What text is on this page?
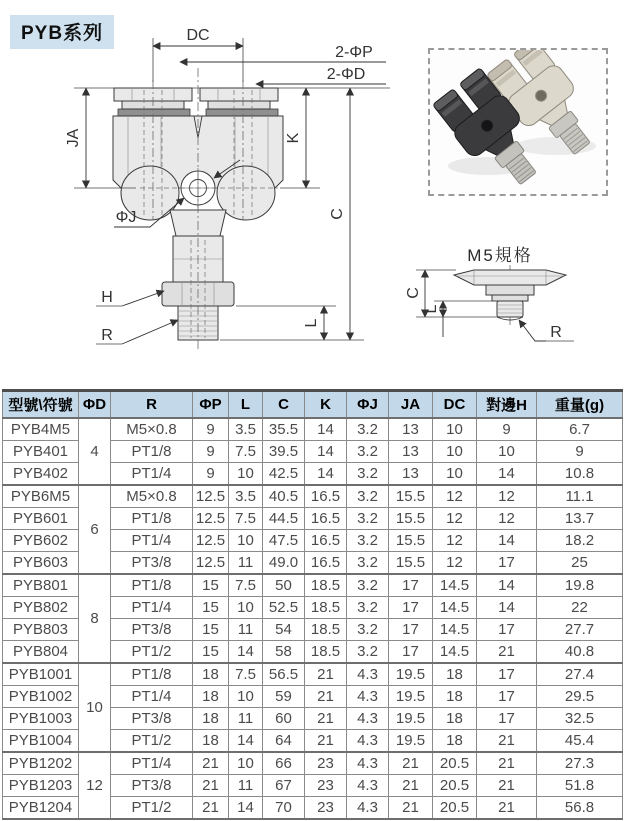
PYB系列	DC
2-ΦP
2-ΦD
JA	K
C
L
ΦJ
H
R
M5規格
C
L
R
型號\符號	ΦD	R	ΦP	L	C	K	ΦJ	JA	DC	對邊H	重量(g)
PYB4M5	4	M5×0.8	9	3.5	35.5	14	3.2	13	10	9	6.7
PYB401		PT1/8	9	7.5	39.5	14	3.2	13	10	10	9
PYB402		PT1/4	9	10	42.5	14	3.2	13	10	14	10.8
PYB6M5	6	M5×0.8	12.5	3.5	40.5	16.5	3.2	15.5	12	12	11.1
PYB601		PT1/8	12.5	7.5	44.5	16.5	3.2	15.5	12	12	13.7
PYB602		PT1/4	12.5	10	47.5	16.5	3.2	15.5	12	14	18.2
PYB603		PT3/8	12.5	11	49.0	16.5	3.2	15.5	12	17	25
PYB801	8	PT1/8	15	7.5	50	18.5	3.2	17	14.5	14	19.8
PYB802		PT1/4	15	10	52.5	18.5	3.2	17	14.5	14	22
PYB803		PT3/8	15	11	54	18.5	3.2	17	14.5	17	27.7
PYB804		PT1/2	15	14	58	18.5	3.2	17	14.5	21	40.8
PYB1001	10	PT1/8	18	7.5	56.5	21	4.3	19.5	18	17	27.4
PYB1002		PT1/4	18	10	59	21	4.3	19.5	18	17	29.5
PYB1003		PT3/8	18	11	60	21	4.3	19.5	18	17	32.5
PYB1004		PT1/2	18	14	64	21	4.3	19.5	18	21	45.4
PYB1202	12	PT1/4	21	10	66	23	4.3	21	20.5	21	27.3
PYB1203		PT3/8	21	11	67	23	4.3	21	20.5	21	51.8
PYB1204		PT1/2	21	14	70	23	4.3	21	20.5	21	56.8
